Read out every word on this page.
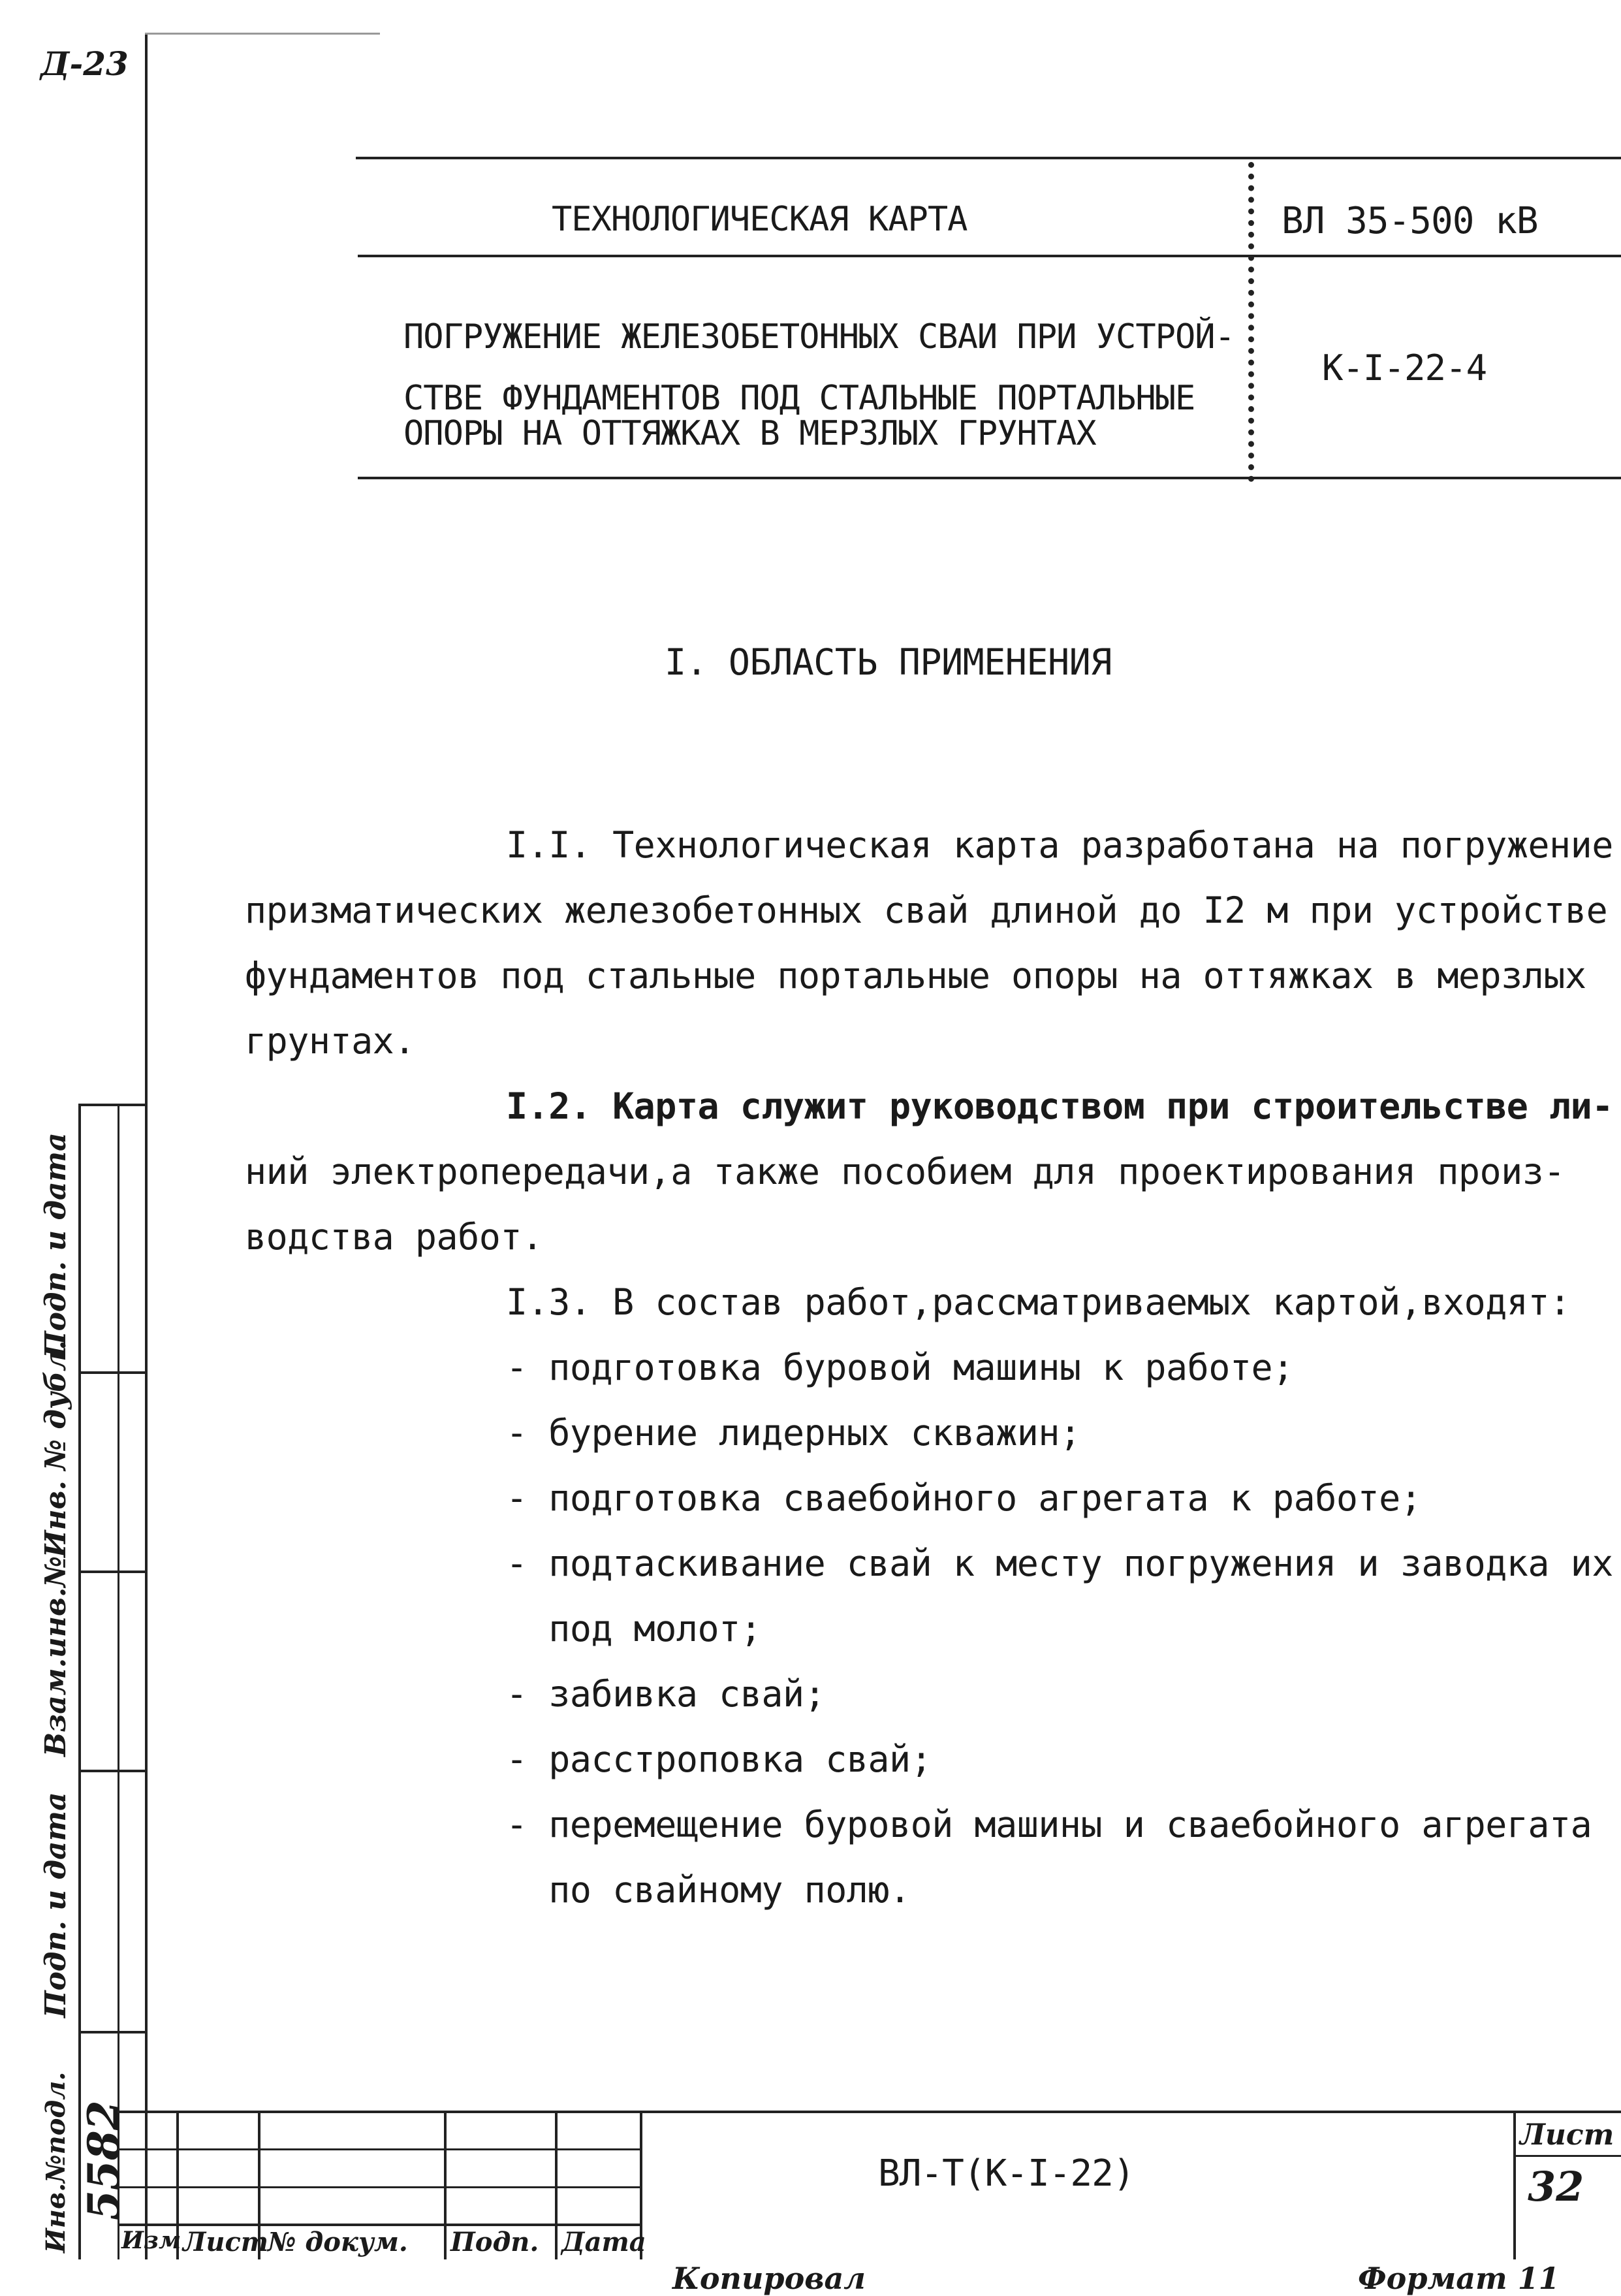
Д-23
ТЕХНОЛОГИЧЕСКАЯ КАРТА	ВЛ 35-500 кВ
ПОГРУЖЕНИЕ ЖЕЛЕЗОБЕТОННЫХ СВАИ ПРИ УСТРОЙ-
СТВЕ ФУНДАМЕНТОВ ПОД СТАЛЬНЫЕ ПОРТАЛЬНЫЕ
ОПОРЫ НА ОТТЯЖКАХ В МЕРЗЛЫХ ГРУНТАХ
К-I-22-4
I. ОБЛАСТЬ ПРИМЕНЕНИЯ
I.I. Технологическая карта разработана на погружение
призматических железобетонных свай длиной до I2 м при устройстве
фундаментов под стальные портальные опоры на оттяжках в мерзлых
грунтах.
I.2. Карта служит руководством при строительстве ли-
ний электропередачи,а также пособием для проектирования произ-
водства работ.
I.3. В состав работ,рассматриваемых картой,входят:
- подготовка буровой машины к работе;
- бурение лидерных скважин;
- подготовка сваебойного агрегата к работе;
- подтаскивание свай к месту погружения и заводка их
под молот;
- забивка свай;
- расстроповка свай;
- перемещение буровой машины и сваебойного агрегата
по свайному полю.
Подп. и дата
Инв. № дубл.
Взам.инв.№
Подп. и дата
Инв.№подл. 5582
Изм Лист
№ докум. Подп. Дата
ВЛ-Т(К-I-22)
Лист
32
Копировал	Формат 11
